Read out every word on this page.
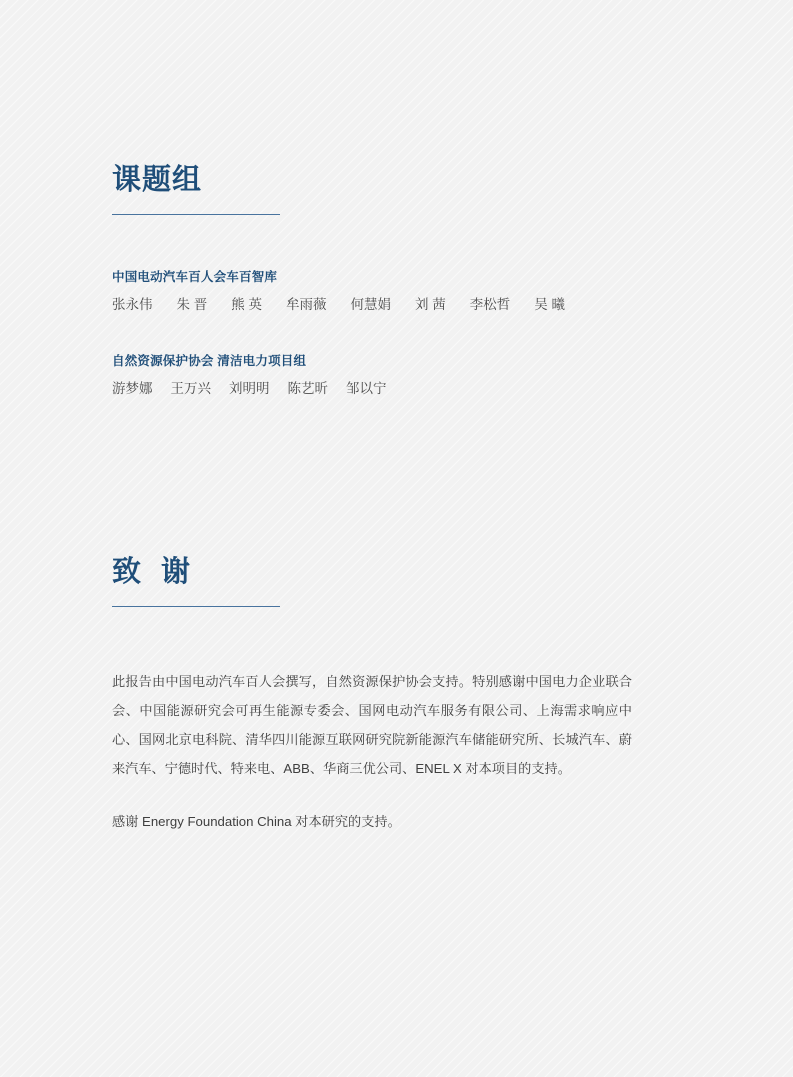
课题组
中国电动汽车百人会车百智库
张永伟 朱 晋 熊 英 牟雨薇 何慧娟 刘 茜 李松哲 吴 曦
自然资源保护协会 清洁电力项目组
游梦娜 王万兴 刘明明 陈艺昕 邹以宁
致 谢

此报告由中国电动汽车百人会撰写，自然资源保护协会支持。特别感谢中国电力企业联合会、中国能源研究会可再生能源专委会、国网电动汽车服务有限公司、上海需求响应中心、国网北京电科院、清华四川能源互联网研究院新能源汽车储能研究所、长城汽车、蔚来汽车、宁德时代、特来电、ABB、华商三优公司、ENEL X 对本项目的支持。

感谢 Energy Foundation China 对本研究的支持。
